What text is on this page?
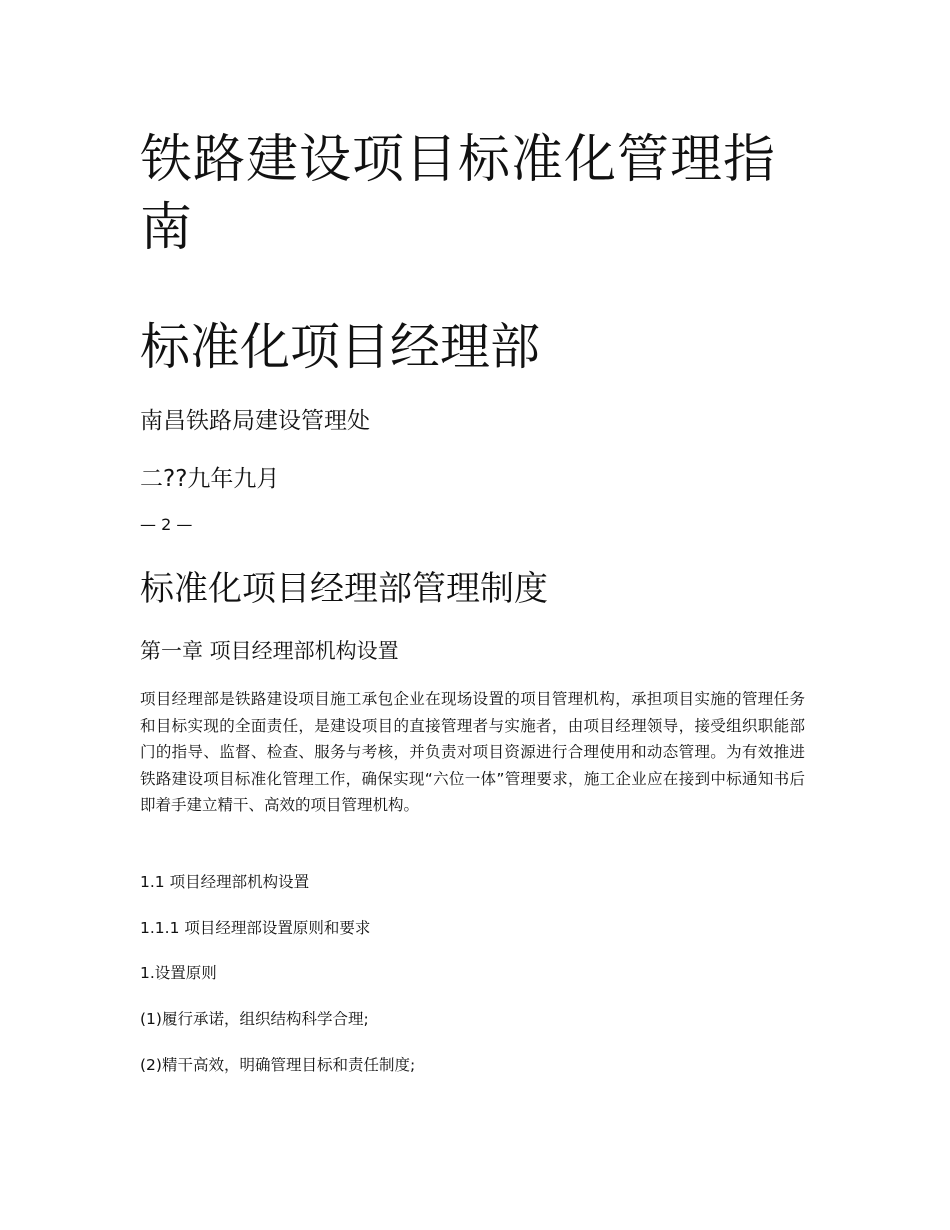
铁路建设项目标准化管理指南
标准化项目经理部
南昌铁路局建设管理处
二??九年九月
— 2 —
标准化项目经理部管理制度
第一章 项目经理部机构设置

项目经理部是铁路建设项目施工承包企业在现场设置的项目管理机构，承担项目实施的管理任务和目标实现的全面责任，是建设项目的直接管理者与实施者，由项目经理领导，接受组织职能部门的指导、监督、检查、服务与考核，并负责对项目资源进行合理使用和动态管理。为有效推进铁路建设项目标准化管理工作，确保实现“六位一体”管理要求，施工企业应在接到中标通知书后即着手建立精干、高效的项目管理机构。

1.1 项目经理部机构设置
1.1.1 项目经理部设置原则和要求
1.设置原则
(1)履行承诺，组织结构科学合理;
(2)精干高效，明确管理目标和责任制度;
